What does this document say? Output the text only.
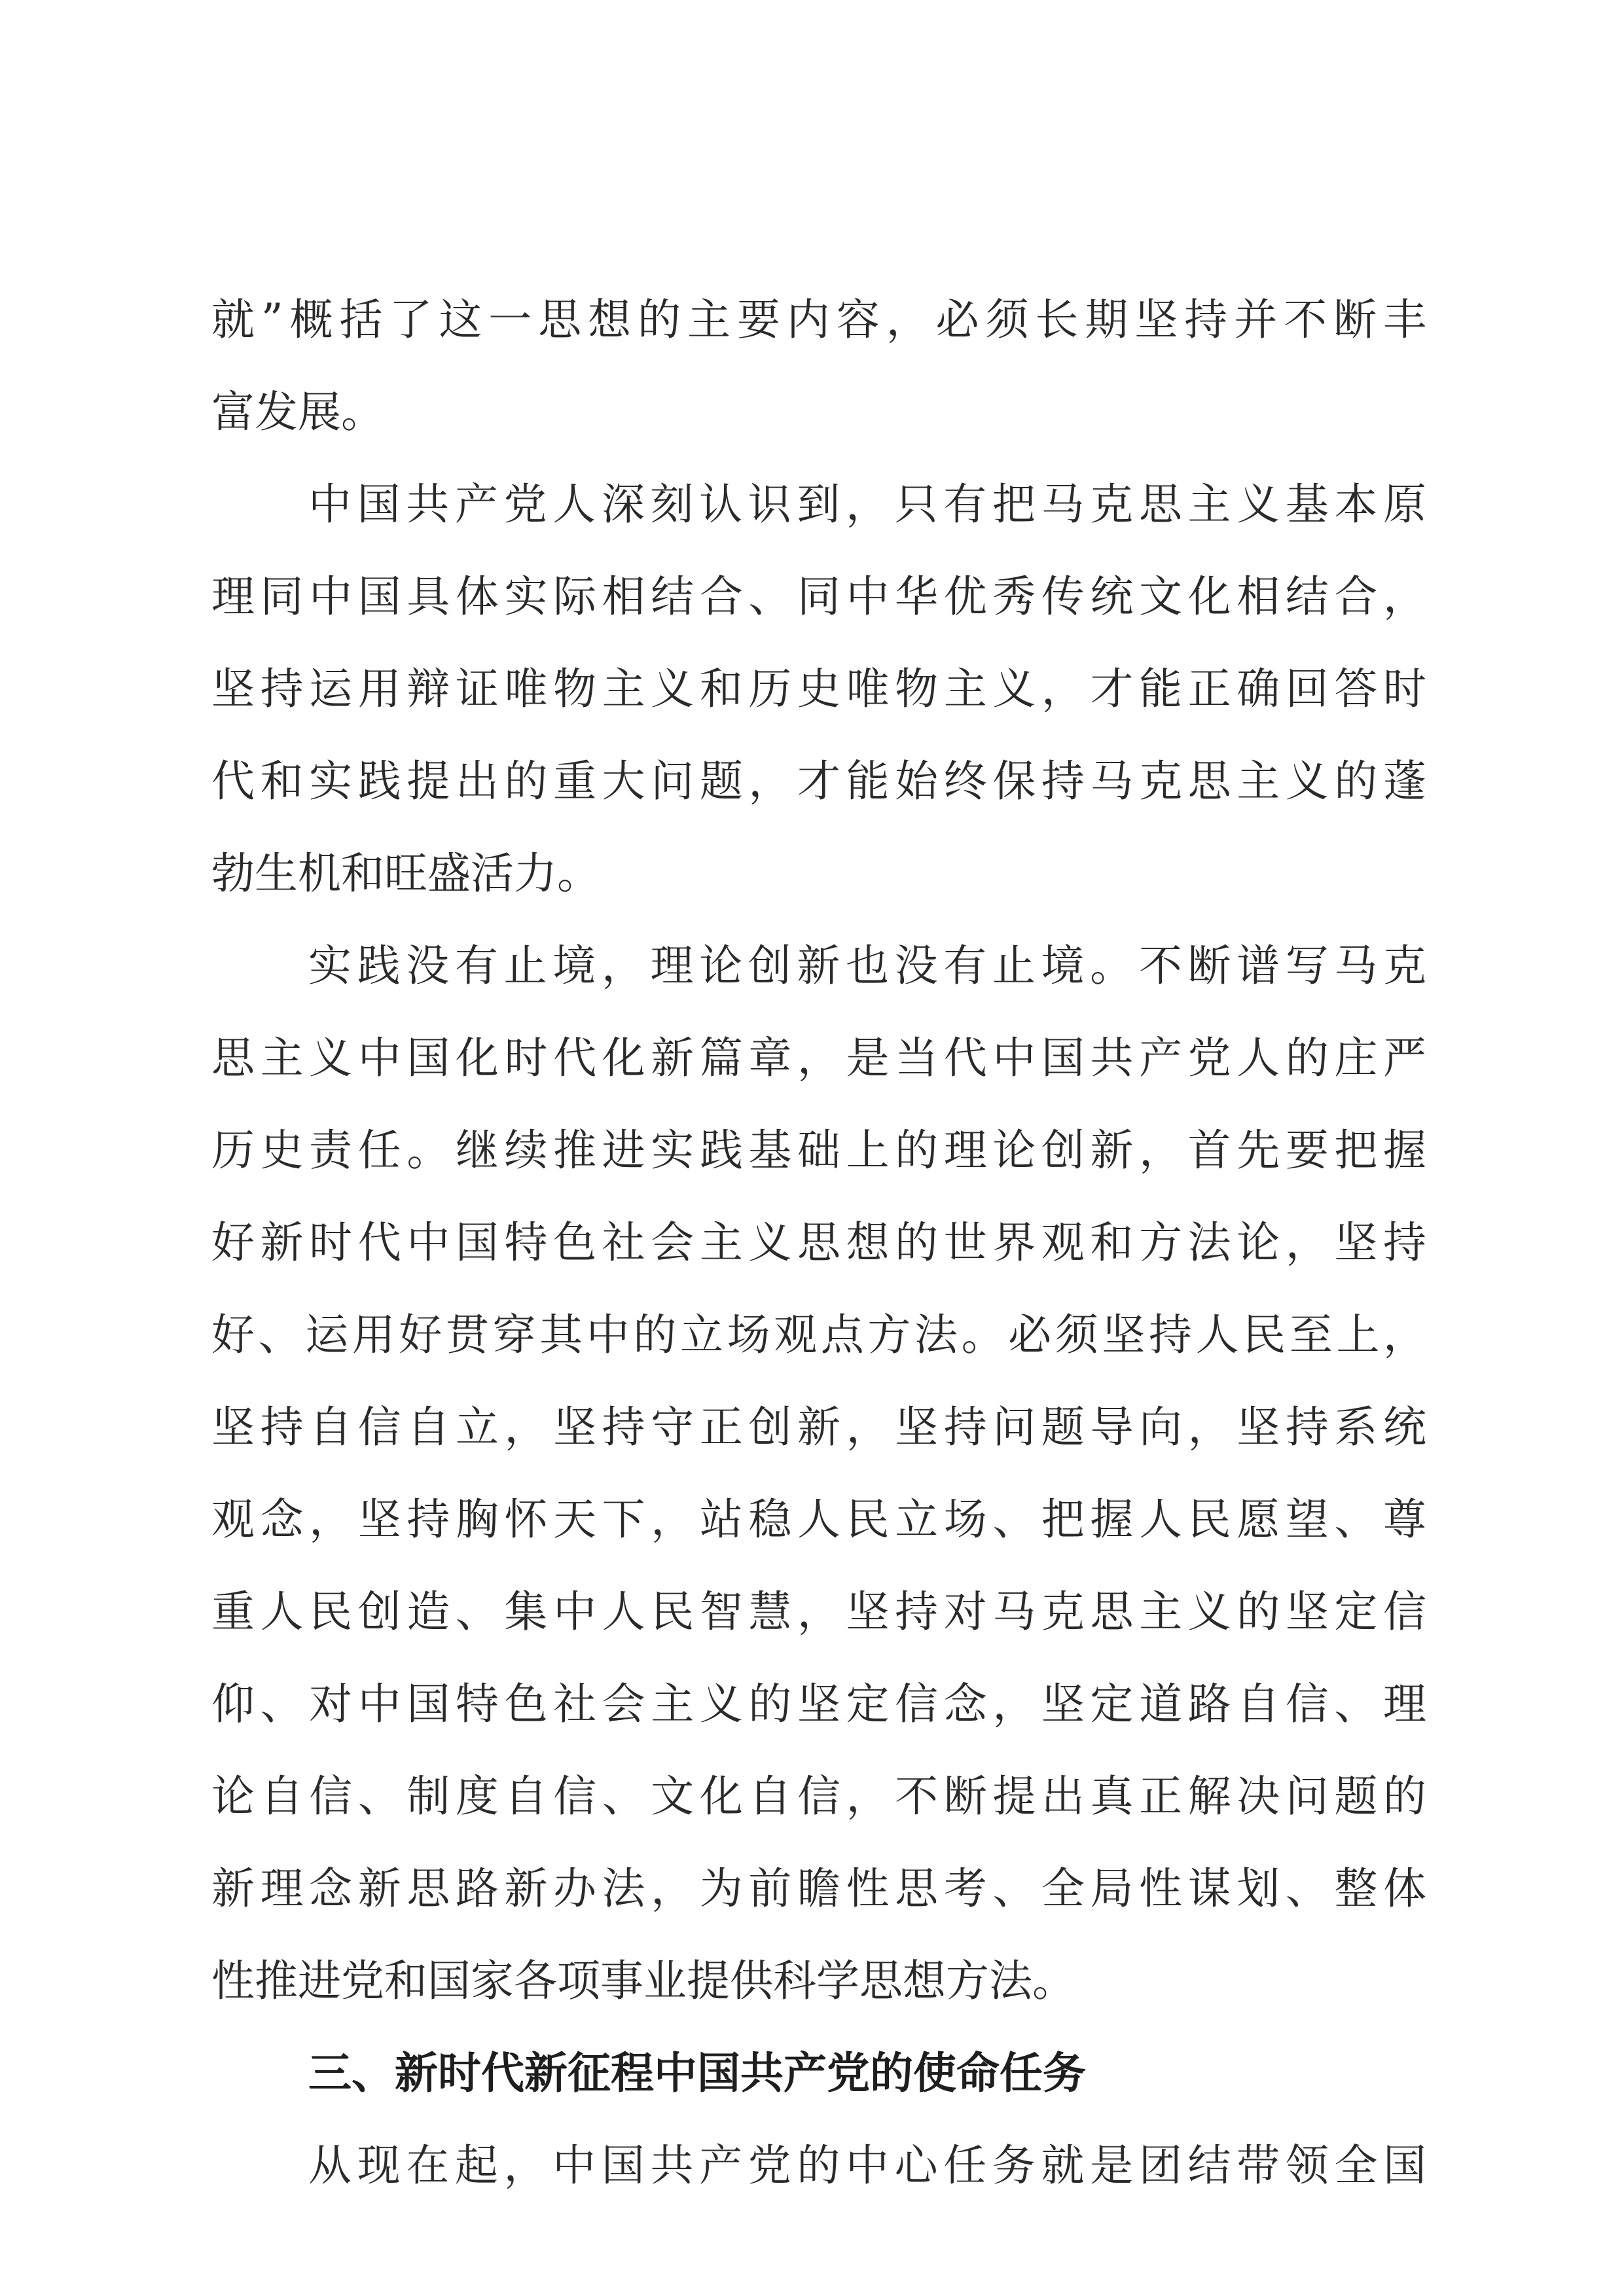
就”概括了这一思想的主要内容，必须长期坚持并不断丰
富发展。
中国共产党人深刻认识到，只有把马克思主义基本原
理同中国具体实际相结合、同中华优秀传统文化相结合，
坚持运用辩证唯物主义和历史唯物主义，才能正确回答时
代和实践提出的重大问题，才能始终保持马克思主义的蓬
勃生机和旺盛活力。
实践没有止境，理论创新也没有止境。不断谱写马克
思主义中国化时代化新篇章，是当代中国共产党人的庄严
历史责任。继续推进实践基础上的理论创新，首先要把握
好新时代中国特色社会主义思想的世界观和方法论，坚持
好、运用好贯穿其中的立场观点方法。必须坚持人民至上，
坚持自信自立，坚持守正创新，坚持问题导向，坚持系统
观念，坚持胸怀天下，站稳人民立场、把握人民愿望、尊
重人民创造、集中人民智慧，坚持对马克思主义的坚定信
仰、对中国特色社会主义的坚定信念，坚定道路自信、理
论自信、制度自信、文化自信，不断提出真正解决问题的
新理念新思路新办法，为前瞻性思考、全局性谋划、整体
性推进党和国家各项事业提供科学思想方法。
三、新时代新征程中国共产党的使命任务
从现在起，中国共产党的中心任务就是团结带领全国
